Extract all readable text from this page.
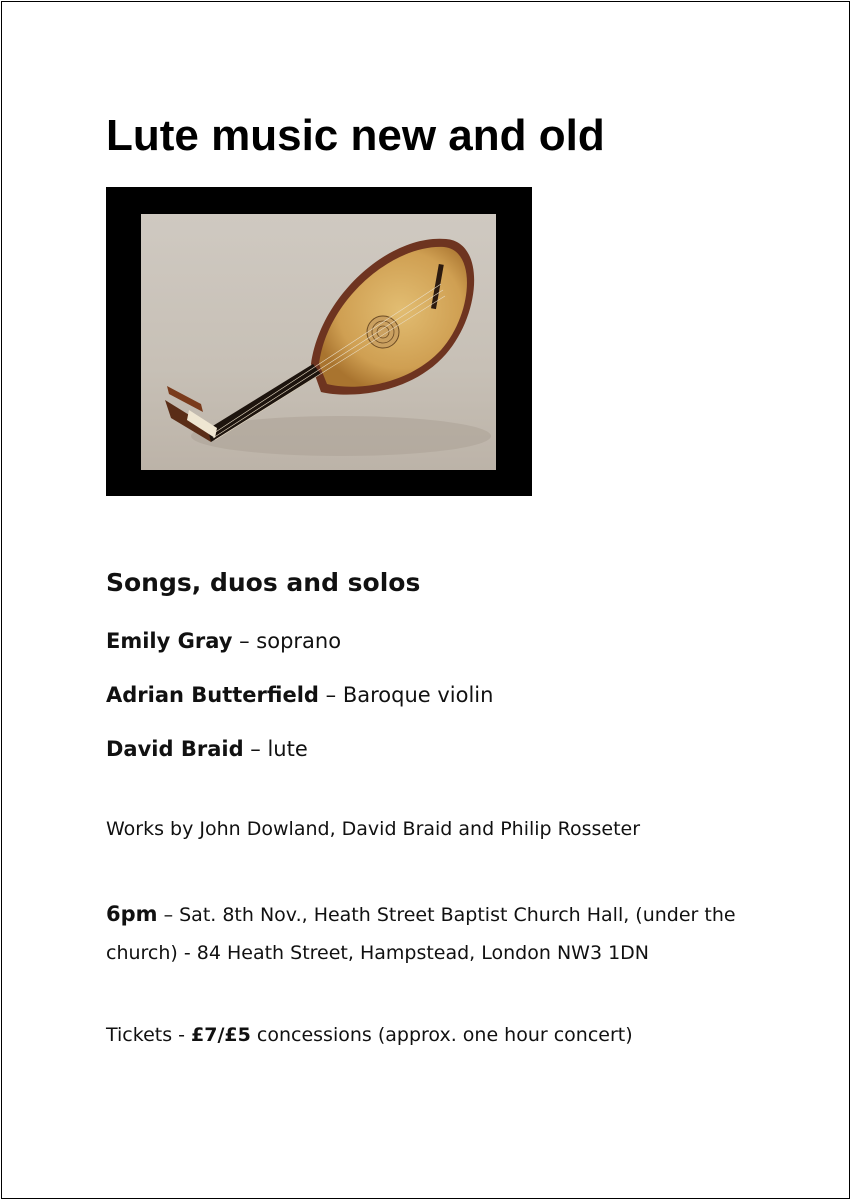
Lute music new and old
Songs, duos and solos

Emily Gray – soprano

Adrian Butterfield – Baroque violin

David Braid – lute

Works by John Dowland, David Braid and Philip Rosseter

6pm – Sat. 8th Nov., Heath Street Baptist Church Hall, (under the church) - 84 Heath Street, Hampstead, London NW3 1DN

Tickets - £7/£5 concessions (approx. one hour concert)
